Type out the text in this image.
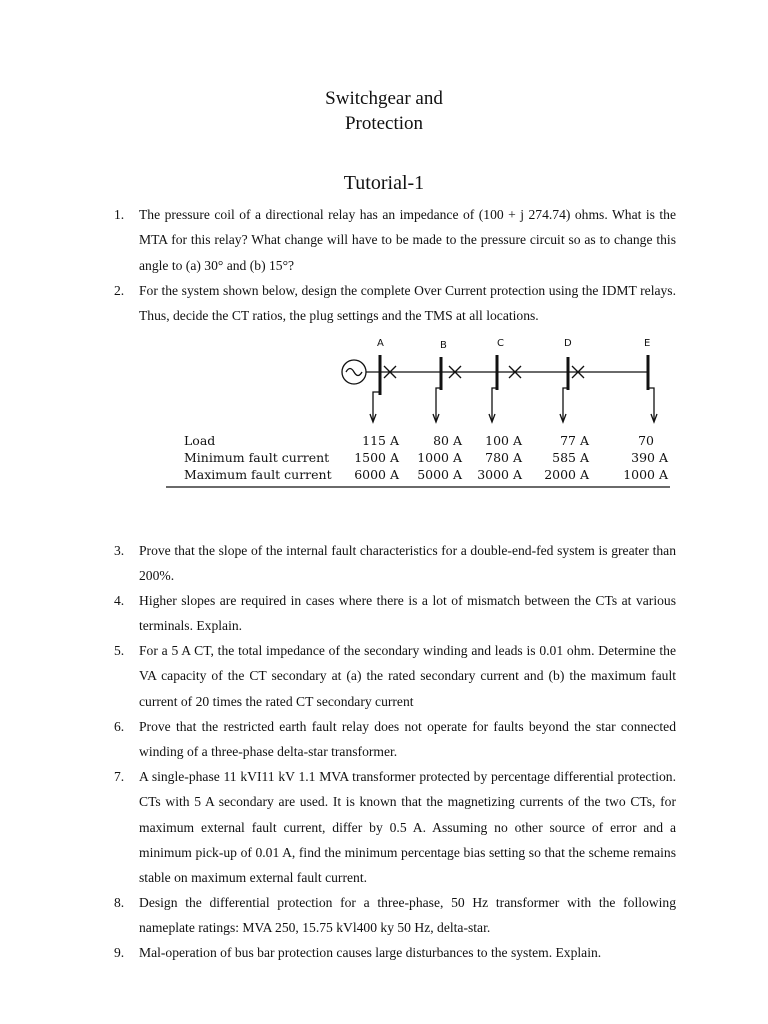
Switchgear and
Protection
Tutorial-1
1. The pressure coil of a directional relay has an impedance of (100 + j 274.74) ohms. What is the MTA for this relay? What change will have to be made to the pressure circuit so as to change this angle to (a) 30° and (b) 15°?
2. For the system shown below, design the complete Over Current protection using the IDMT relays. Thus, decide the CT ratios, the plug settings and the TMS at all locations.
A	B	C	D	E
Load	115 A	80 A	100 A	77 A	70
Minimum fault current	1500 A	1000 A	780 A	585 A	390 A
Maximum fault current	6000 A	5000 A	3000 A	2000 A	1000 A
3. Prove that the slope of the internal fault characteristics for a double-end-fed system is greater than 200%.
4. Higher slopes are required in cases where there is a lot of mismatch between the CTs at various terminals. Explain.
5. For a 5 A CT, the total impedance of the secondary winding and leads is 0.01 ohm. Determine the VA capacity of the CT secondary at (a) the rated secondary current and (b) the maximum fault current of 20 times the rated CT secondary current
6. Prove that the restricted earth fault relay does not operate for faults beyond the star connected winding of a three-phase delta-star transformer.
7. A single-phase 11 kVI11 kV 1.1 MVA transformer protected by percentage differential protection. CTs with 5 A secondary are used. It is known that the magnetizing currents of the two CTs, for maximum external fault current, differ by 0.5 A. Assuming no other source of error and a minimum pick-up of 0.01 A, find the minimum percentage bias setting so that the scheme remains stable on maximum external fault current.
8. Design the differential protection for a three-phase, 50 Hz transformer with the following nameplate ratings: MVA 250, 15.75 kVl400 ky 50 Hz, delta-star.
9. Mal-operation of bus bar protection causes large disturbances to the system. Explain.
